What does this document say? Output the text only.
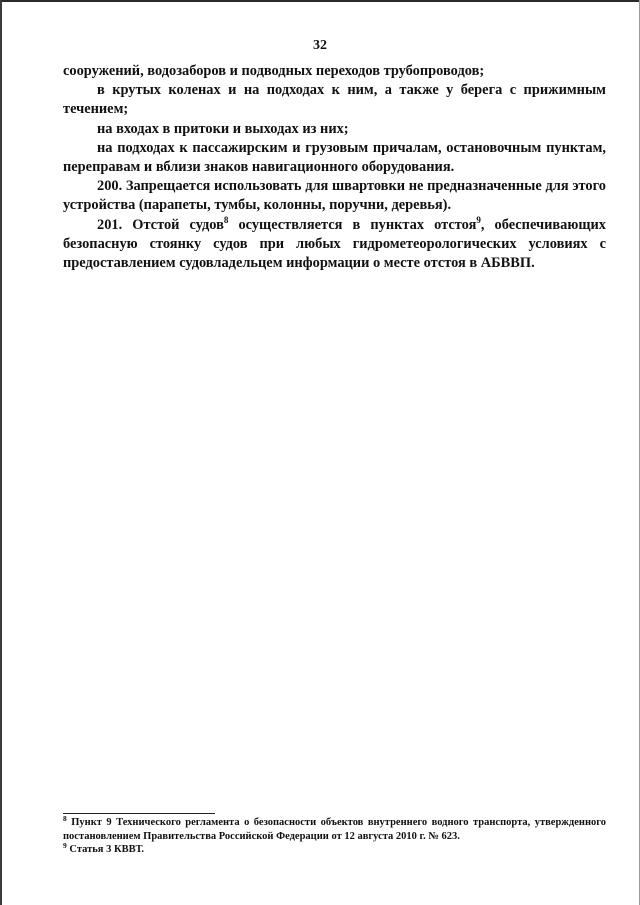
32

сооружений, водозаборов и подводных переходов трубопроводов;

в крутых коленах и на подходах к ним, а также у берега с прижимным течением;

на входах в притоки и выходах из них;

на подходах к пассажирским и грузовым причалам, остановочным пунктам, переправам и вблизи знаков навигационного оборудования.

200. Запрещается использовать для швартовки не предназначенные для этого устройства (парапеты, тумбы, колонны, поручни, деревья).

201. Отстой судов$^8$ осуществляется в пунктах отстоя$^9$, обеспечивающих безопасную стоянку судов при любых гидрометеорологических условиях с предоставлением судовладельцем информации о месте отстоя в АБВВП.

$^8$ Пункт 9 Технического регламента о безопасности объектов внутреннего водного транспорта, утвержденного постановлением Правительства Российской Федерации от 12 августа 2010 г. № 623.

$^9$ Статья 3 КВВТ.
